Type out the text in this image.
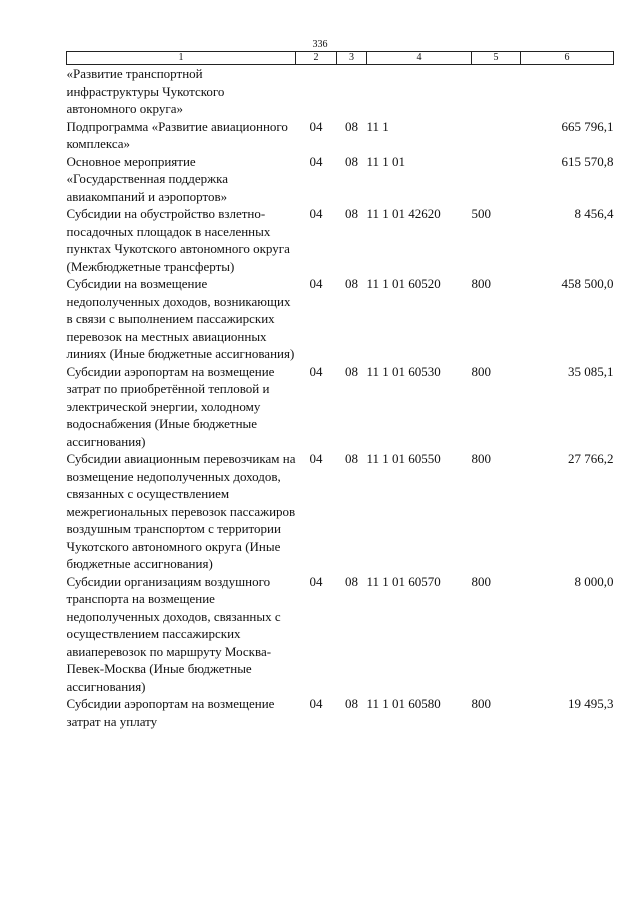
336
1	2	3	4	5	6
«Развитие транспортной инфраструктуры Чукотского автономного округа»					
Подпрограмма «Развитие авиационного комплекса»	04	08	11 1		665 796,1
Основное мероприятие «Государственная поддержка авиакомпаний и аэропортов»	04	08	11 1 01		615 570,8
Субсидии на обустройство взлетно-посадочных площадок в населенных пунктах Чукотского автономного округа (Межбюджетные трансферты)	04	08	11 1 01 42620	500	8 456,4
Субсидии на возмещение недополученных доходов, возникающих в связи с выполнением пассажирских перевозок на местных авиационных линиях (Иные бюджетные ассигнования)	04	08	11 1 01 60520	800	458 500,0
Субсидии аэропортам на возмещение затрат по приобретённой тепловой и электрической энергии, холодному водоснабжения (Иные бюджетные ассигнования)	04	08	11 1 01 60530	800	35 085,1
Субсидии авиационным перевозчикам на возмещение недополученных доходов, связанных с осуществлением межрегиональных перевозок пассажиров воздушным транспортом с территории Чукотского автономного округа (Иные бюджетные ассигнования)	04	08	11 1 01 60550	800	27 766,2
Субсидии организациям воздушного транспорта на возмещение недополученных доходов, связанных с осуществлением пассажирских авиаперевозок по маршруту Москва-Певек-Москва (Иные бюджетные ассигнования)	04	08	11 1 01 60570	800	8 000,0
Субсидии аэропортам на возмещение затрат на уплату	04	08	11 1 01 60580	800	19 495,3
